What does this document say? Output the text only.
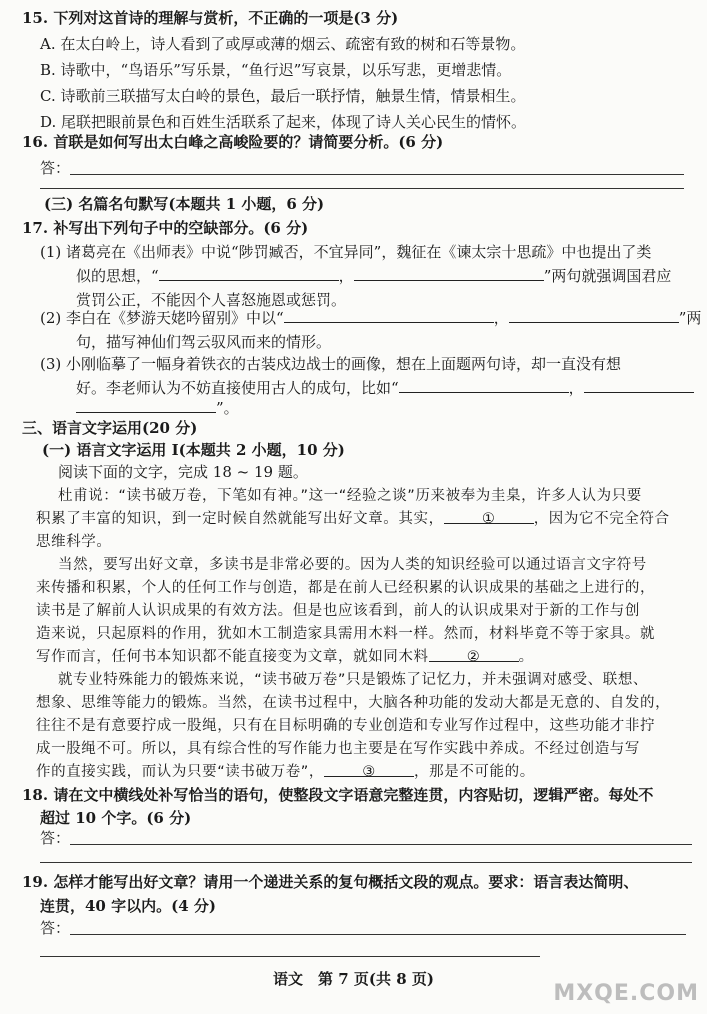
15. 下列对这首诗的理解与赏析，不正确的一项是(3 分)
A. 在太白岭上，诗人看到了或厚或薄的烟云、疏密有致的树和石等景物。
B. 诗歌中，“鸟语乐”写乐景，“鱼行迟”写哀景，以乐写悲，更增悲情。
C. 诗歌前三联描写太白岭的景色，最后一联抒情，触景生情，情景相生。
D. 尾联把眼前景色和百姓生活联系了起来，体现了诗人关心民生的情怀。
16. 首联是如何写出太白峰之高峻险要的？请简要分析。(6 分)
答：
(三) 名篇名句默写(本题共 1 小题，6 分)
17. 补写出下列句子中的空缺部分。(6 分)
(1) 诸葛亮在《出师表》中说“陟罚臧否，不宜异同”，魏征在《谏太宗十思疏》中也提出了类
似的思想，“	，	”两句就强调国君应
赏罚公正，不能因个人喜怒施恩或惩罚。
(2) 李白在《梦游天姥吟留别》中以“	，	”两
句，描写神仙们驾云驭风而来的情形。
(3) 小刚临摹了一幅身着铁衣的古装戍边战士的画像，想在上面题两句诗，却一直没有想
好。李老师认为不妨直接使用古人的成句，比如“	，
”。
三、语言文字运用(20 分)
(一) 语言文字运用 I(本题共 2 小题，10 分)
阅读下面的文字，完成 18 ~ 19 题。
杜甫说：“读书破万卷，下笔如有神。”这一“经验之谈”历来被奉为圭臬，许多人认为只要
积累了丰富的知识，到一定时候自然就能写出好文章。其实，	①	，因为它不完全符合
思维科学。
当然，要写出好文章，多读书是非常必要的。因为人类的知识经验可以通过语言文字符号
来传播和积累，个人的任何工作与创造，都是在前人已经积累的认识成果的基础之上进行的，
读书是了解前人认识成果的有效方法。但是也应该看到，前人的认识成果对于新的工作与创
造来说，只起原料的作用，犹如木工制造家具需用木料一样。然而，材料毕竟不等于家具。就
写作而言，任何书本知识都不能直接变为文章，就如同木料	②	。
就专业特殊能力的锻炼来说，“读书破万卷”只是锻炼了记忆力，并未强调对感受、联想、
想象、思维等能力的锻炼。当然，在读书过程中，大脑各种功能的发动大都是无意的、自发的，
往往不是有意要拧成一股绳，只有在目标明确的专业创造和专业写作过程中，这些功能才非拧
成一股绳不可。所以，具有综合性的写作能力也主要是在写作实践中养成。不经过创造与写
作的直接实践，而认为只要“读书破万卷”，	③	，那是不可能的。
18. 请在文中横线处补写恰当的语句，使整段文字语意完整连贯，内容贴切，逻辑严密。每处不
超过 10 个字。(6 分)
答：
19. 怎样才能写出好文章？请用一个递进关系的复句概括文段的观点。要求：语言表达简明、
连贯，40 字以内。(4 分)
答：
语文　第 7 页(共 8 页)
MXQE.COM
